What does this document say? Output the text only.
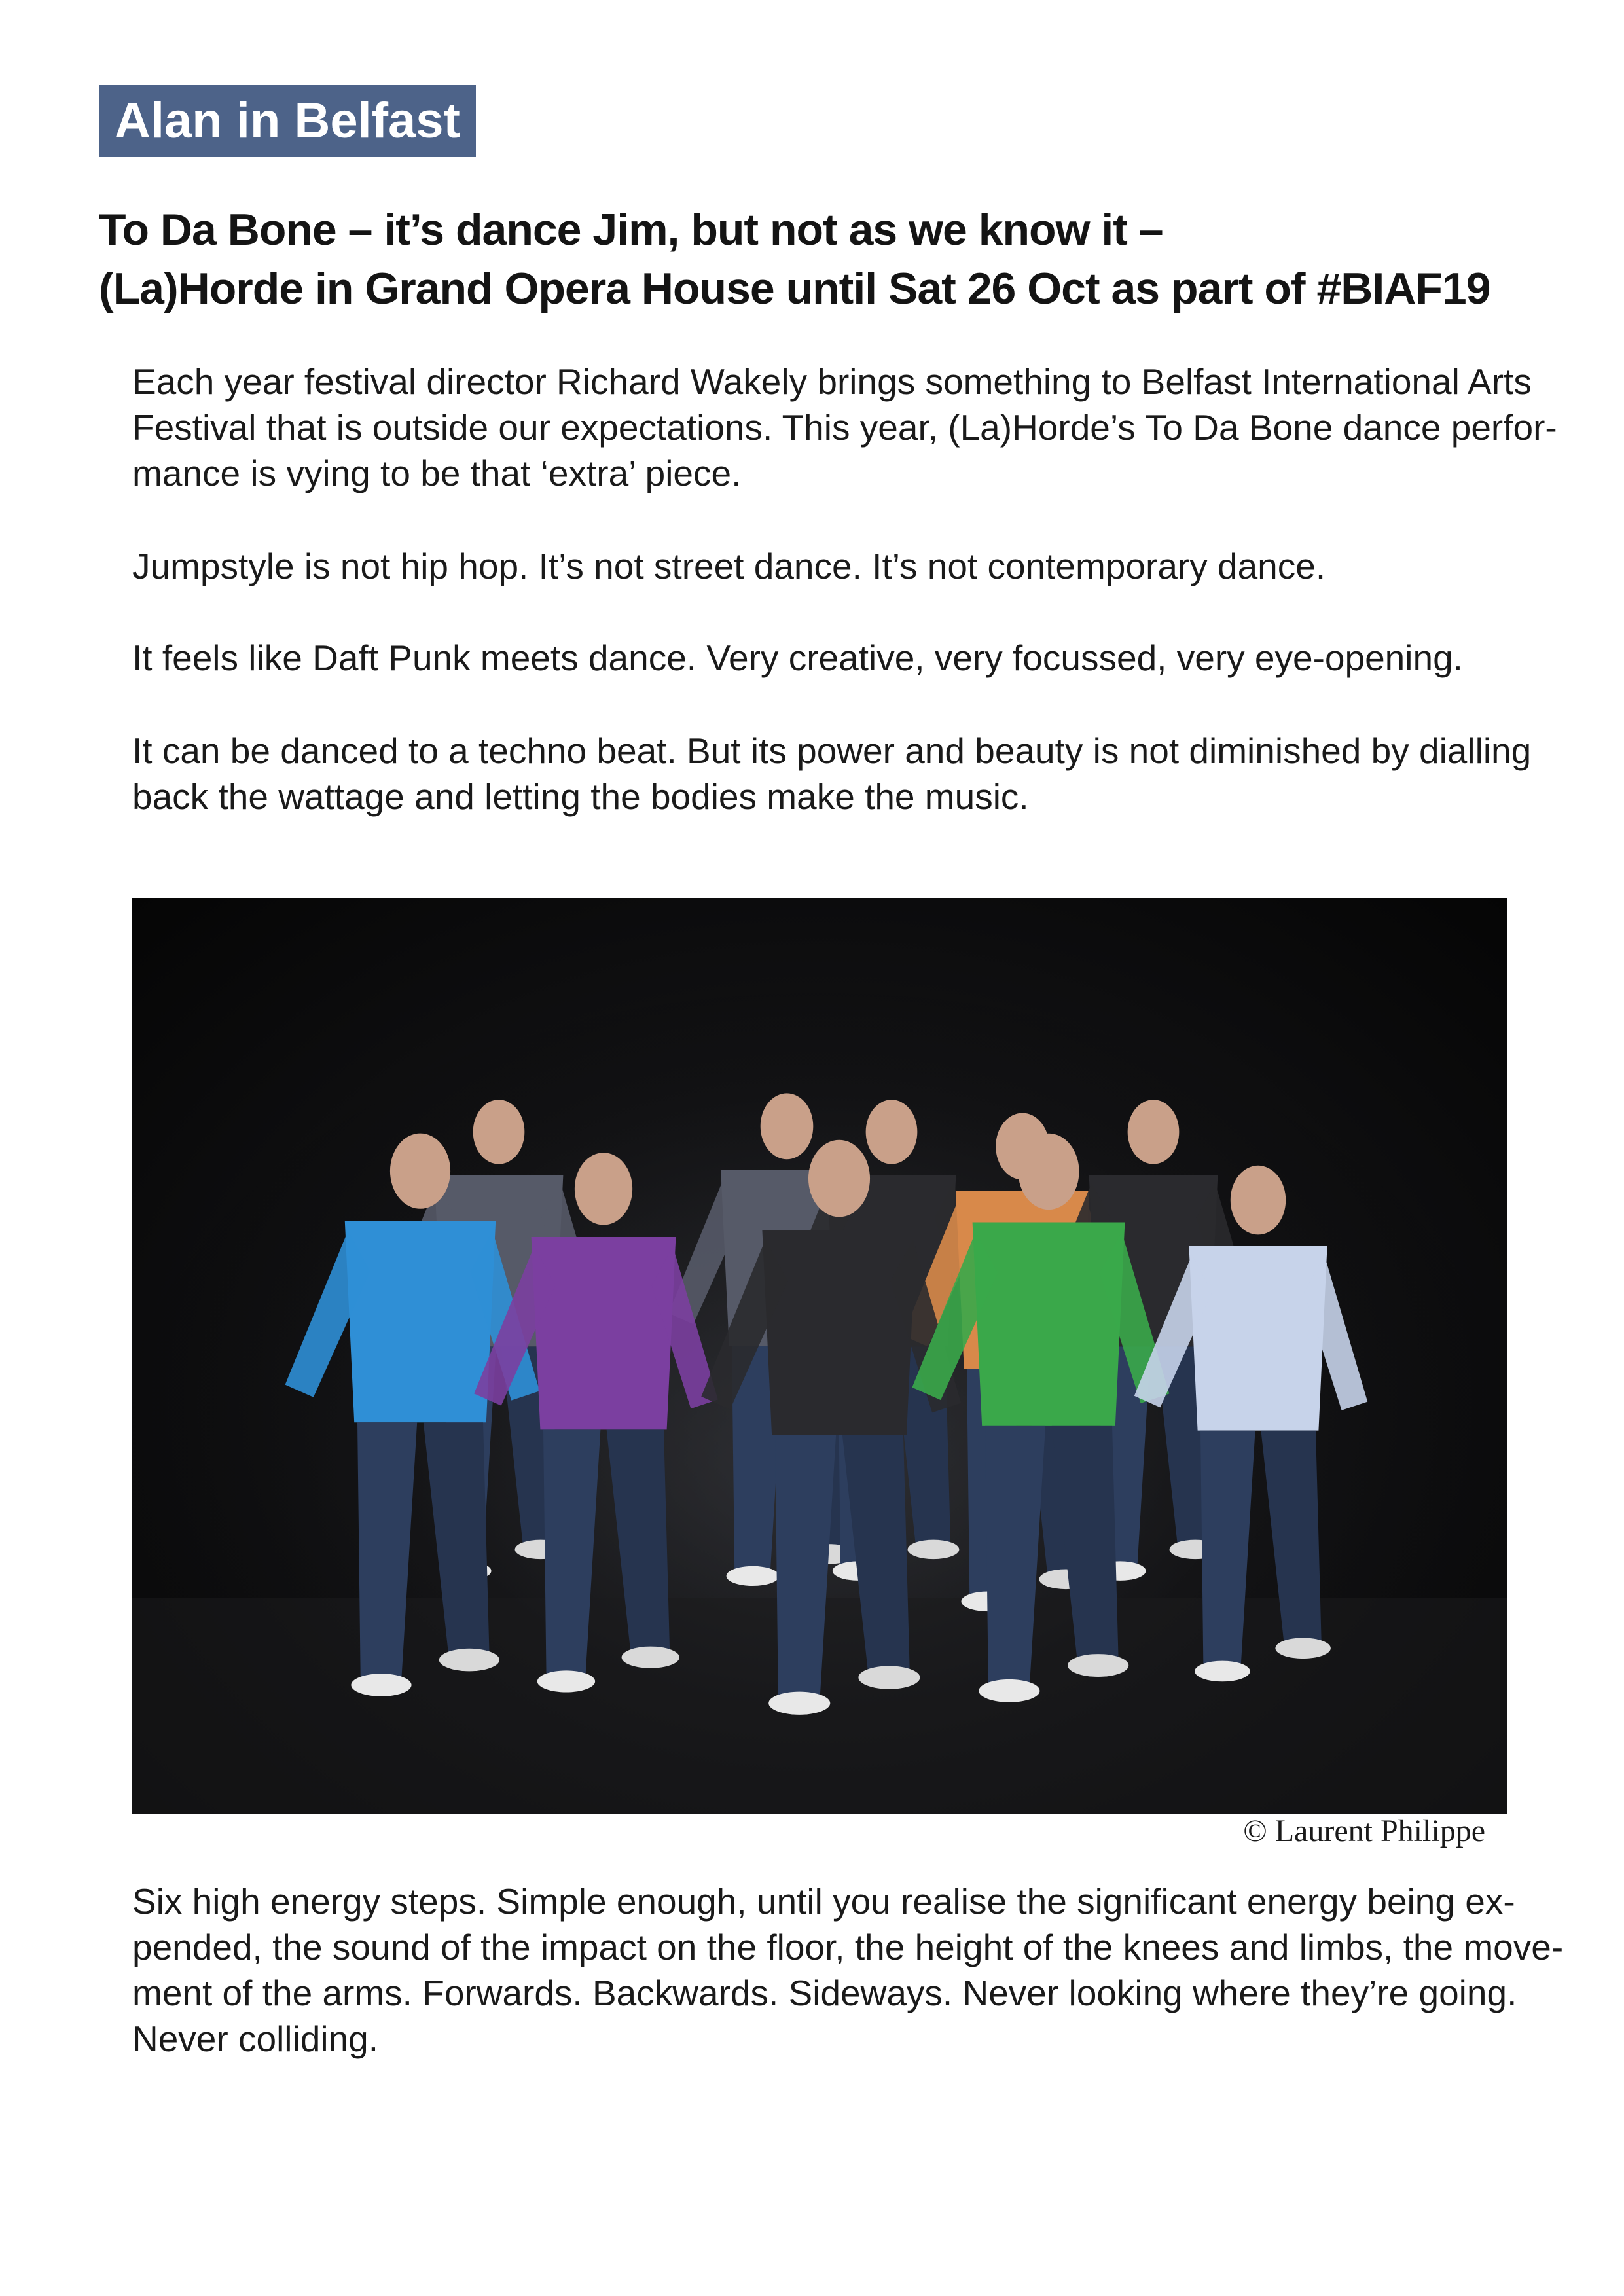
Alan in Belfast
To Da Bone – it’s dance Jim, but not as we know it –
(La)Horde in Grand Opera House until Sat 26 Oct as part of #BIAF19

Each year festival director Richard Wakely brings something to Belfast International Arts
Festival that is outside our expectations. This year, (La)Horde’s To Da Bone dance perfor-
mance is vying to be that ‘extra’ piece.

Jumpstyle is not hip hop. It’s not street dance. It’s not contemporary dance.

It feels like Daft Punk meets dance. Very creative, very focussed, very eye-opening.

It can be danced to a techno beat. But its power and beauty is not diminished by dialling
back the wattage and letting the bodies make the music.

© Laurent Philippe

Six high energy steps. Simple enough, until you realise the significant energy being ex-
pended, the sound of the impact on the floor, the height of the knees and limbs, the move-
ment of the arms. Forwards. Backwards. Sideways. Never looking where they’re going.
Never colliding.
